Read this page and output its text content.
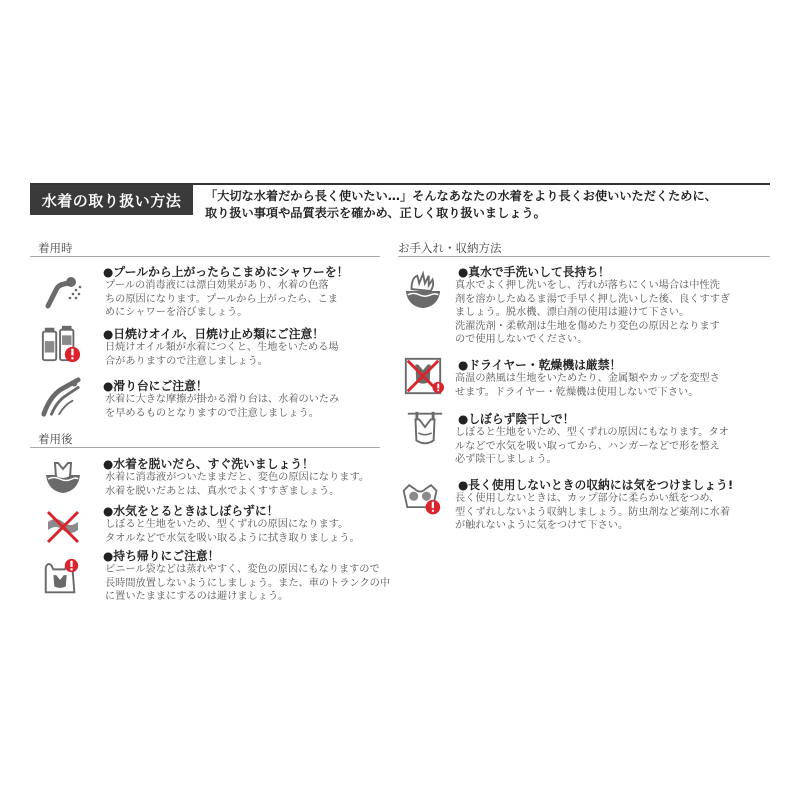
水着の取り扱い方法	「大切な水着だから長く使いたい…」そんなあなたの水着をより長くお使いいただくために、
取り扱い事項や品質表示を確かめ、正しく取り扱いましょう。
着用時
着用後
お手入れ・収納方法
●プールから上がったらこまめにシャワーを！
プールの消毒液には漂白効果があり、水着の色落
ちの原因になります。プールから上がったら、こま
めにシャワーを浴びましょう。
●日焼けオイル、日焼け止め類にご注意！
日焼けオイル類が水着につくと、生地をいためる場
合がありますので注意しましょう。
●滑り台にご注意！
水着に大きな摩擦が掛かる滑り台は、水着のいたみ
を早めるものとなりますので注意しましょう。
●水着を脱いだら、すぐ洗いましょう！
水着に消毒液がついたままだと、変色の原因になります。
水着を脱いだあとは、真水でよくすすぎましょう。
●水気をとるときはしぼらずに！
しぼると生地をいため、型くずれの原因になります。
タオルなどで水気を吸い取るように拭き取りましょう。
●持ち帰りにご注意！
ビニール袋などは蒸れやすく、変色の原因にもなりますので
長時間放置しないようにしましょう。また、車のトランクの中
に置いたままにするのは避けましょう。
●真水で手洗いして長持ち！
真水でよく押し洗いをし、汚れが落ちにくい場合は中性洗
剤を溶かしたぬるま湯で手早く押し洗いした後、良くすすぎ
ましょう。脱水機、漂白剤の使用は避けて下さい。
洗濯洗剤・柔軟剤は生地を傷めたり変色の原因となります
ので使用しないでください。
●ドライヤー・乾燥機は厳禁！
高温の熱風は生地をいためたり、金属類やカップを変型さ
せます。ドライヤー・乾燥機は使用しないで下さい。
●しぼらず陰干しで！
しぼると生地をいため、型くずれの原因にもなります。タオ
ルなどで水気を吸い取ってから、ハンガーなどで形を整え
必ず陰干しましょう。
●長く使用しないときの収納には気をつけましょう!
長く使用しないときは、カップ部分に柔らかい紙をつめ、
型くずれしないよう収納しましょう。防虫剤など薬剤に水着
が触れないように気をつけて下さい。
